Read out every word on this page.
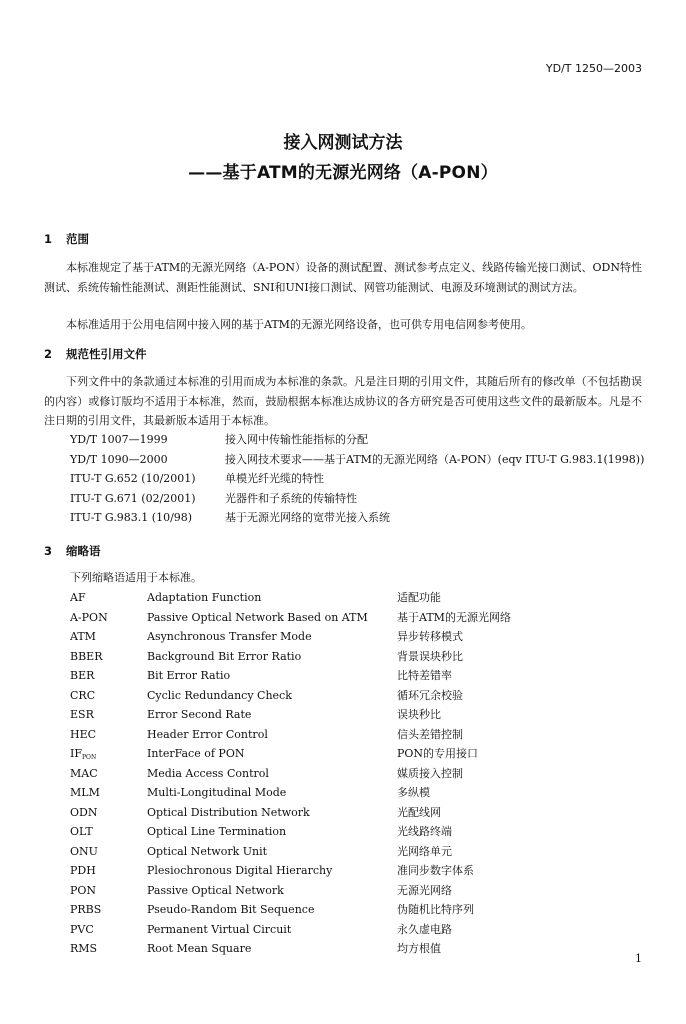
YD/T 1250—2003
接入网测试方法
——基于ATM的无源光网络（A-PON）
1 范围
本标准规定了基于ATM的无源光网络（A-PON）设备的测试配置、测试参考点定义、线路传输光接口测试、ODN特性测试、系统传输性能测试、测距性能测试、SNI和UNI接口测试、网管功能测试、电源及环境测试的测试方法。
本标准适用于公用电信网中接入网的基于ATM的无源光网络设备，也可供专用电信网参考使用。
2 规范性引用文件
下列文件中的条款通过本标准的引用而成为本标准的条款。凡是注日期的引用文件，其随后所有的修改单（不包括勘误的内容）或修订版均不适用于本标准，然而，鼓励根据本标准达成协议的各方研究是否可使用这些文件的最新版本。凡是不注日期的引用文件，其最新版本适用于本标准。
YD/T 1007—1999	接入网中传输性能指标的分配
YD/T 1090—2000	接入网技术要求——基于ATM的无源光网络（A-PON）(eqv ITU-T G.983.1(1998))
ITU-T G.652 (10/2001)	单模光纤光缆的特性
ITU-T G.671 (02/2001)	光器件和子系统的传输特性
ITU-T G.983.1 (10/98)	基于无源光网络的宽带光接入系统
3 缩略语
下列缩略语适用于本标准。
AF	Adaptation Function	适配功能
A-PON	Passive Optical Network Based on ATM	基于ATM的无源光网络
ATM	Asynchronous Transfer Mode	异步转移模式
BBER	Background Bit Error Ratio	背景误块秒比
BER	Bit Error Ratio	比特差错率
CRC	Cyclic Redundancy Check	循环冗余校验
ESR	Error Second Rate	误块秒比
HEC	Header Error Control	信头差错控制
IFPON	InterFace of PON	PON的专用接口
MAC	Media Access Control	媒质接入控制
MLM	Multi-Longitudinal Mode	多纵模
ODN	Optical Distribution Network	光配线网
OLT	Optical Line Termination	光线路终端
ONU	Optical Network Unit	光网络单元
PDH	Plesiochronous Digital Hierarchy	准同步数字体系
PON	Passive Optical Network	无源光网络
PRBS	Pseudo-Random Bit Sequence	伪随机比特序列
PVC	Permanent Virtual Circuit	永久虚电路
RMS	Root Mean Square	均方根值
1
